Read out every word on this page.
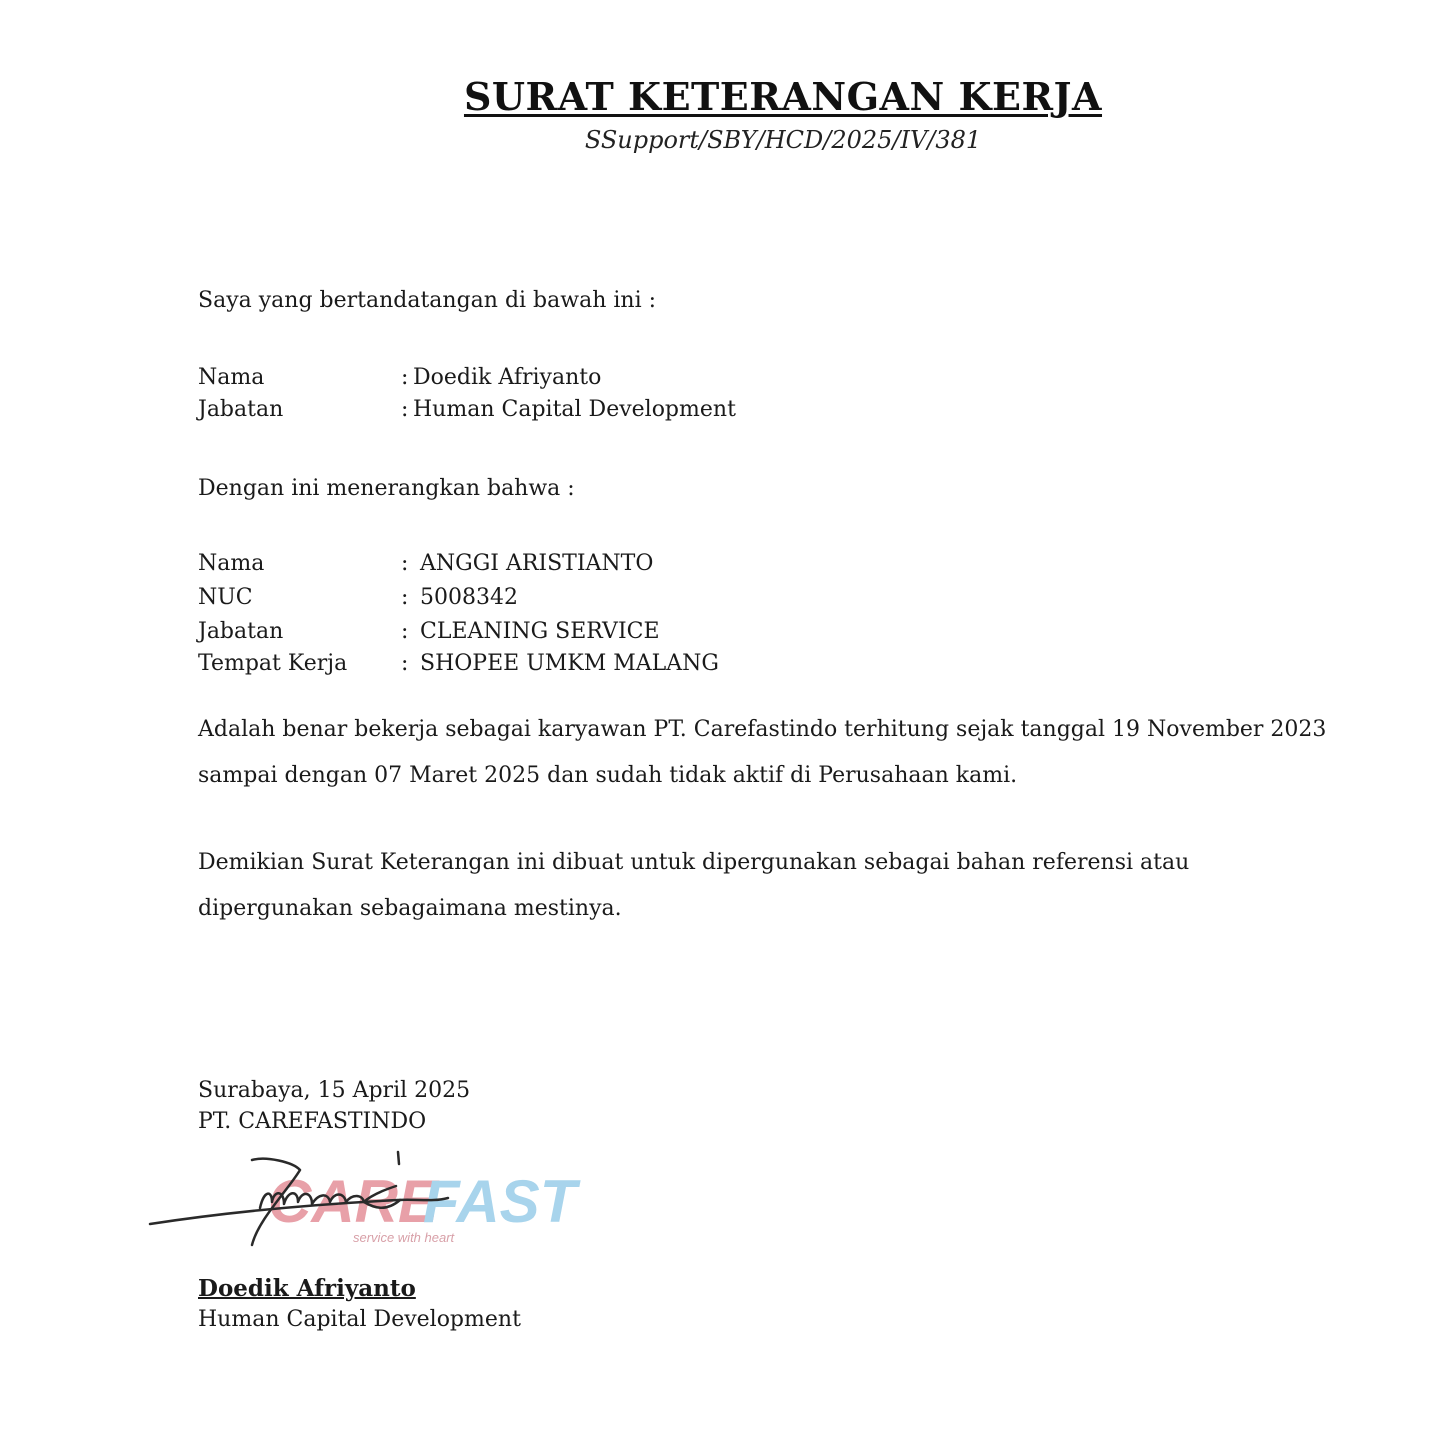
SURAT KETERANGAN KERJA
SSupport/SBY/HCD/2025/IV/381
Saya yang bertandatangan di bawah ini :
Nama	: Doedik Afriyanto
Jabatan	: Human Capital Development
Dengan ini menerangkan bahwa :
Nama	: ANGGI ARISTIANTO
NUC	: 5008342
Jabatan	: CLEANING SERVICE
Tempat Kerja : SHOPEE UMKM MALANG
Adalah benar bekerja sebagai karyawan PT. Carefastindo terhitung sejak tanggal 19 November 2023 sampai dengan 07 Maret 2025 dan sudah tidak aktif di Perusahaan kami.
Demikian Surat Keterangan ini dibuat untuk dipergunakan sebagai bahan referensi atau dipergunakan sebagaimana mestinya.
Surabaya, 15 April 2025
PT. CAREFASTINDO
CARE
FAST
service with heart
Doedik Afriyanto
Human Capital Development
